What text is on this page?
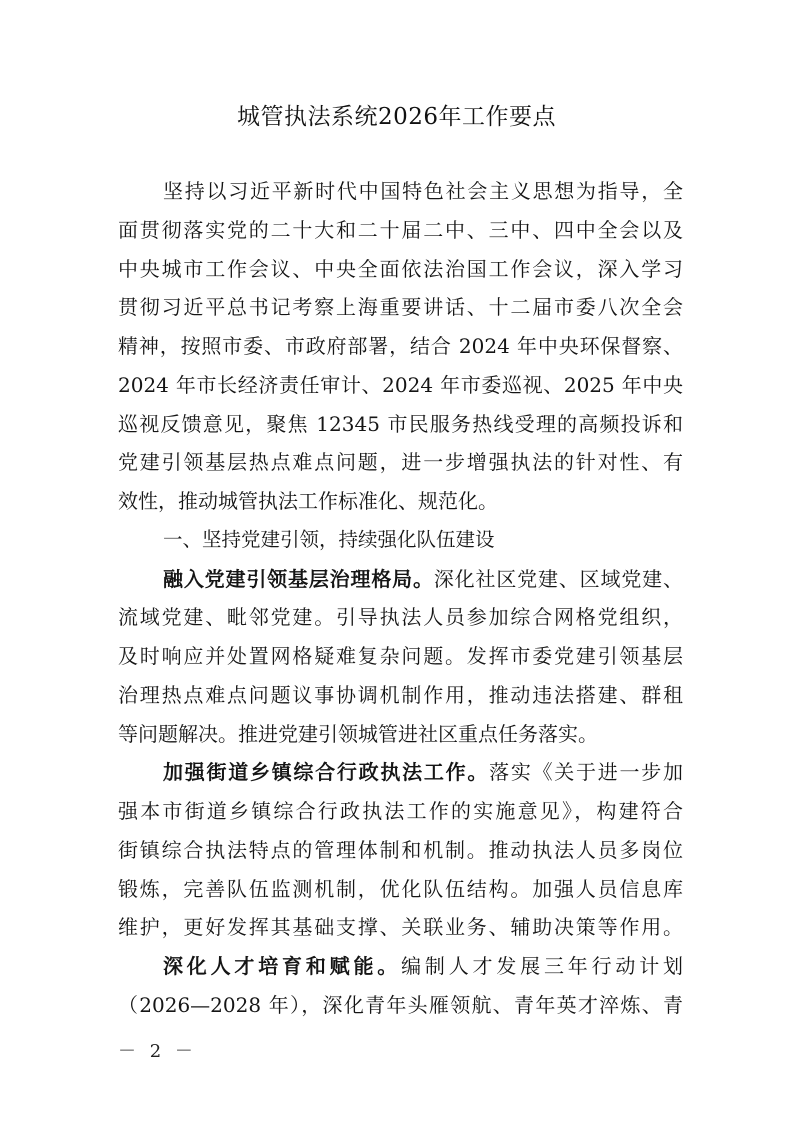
城管执法系统2026年工作要点
坚持以习近平新时代中国特色社会主义思想为指导，全
面贯彻落实党的二十大和二十届二中、三中、四中全会以及
中央城市工作会议、中央全面依法治国工作会议，深入学习
贯彻习近平总书记考察上海重要讲话、十二届市委八次全会
精神，按照市委、市政府部署，结合 2024 年中央环保督察、
2024 年市长经济责任审计、2024 年市委巡视、2025 年中央
巡视反馈意见，聚焦 12345 市民服务热线受理的高频投诉和
党建引领基层热点难点问题，进一步增强执法的针对性、有
效性，推动城管执法工作标准化、规范化。
一、坚持党建引领，持续强化队伍建设
融入党建引领基层治理格局。深化社区党建、区域党建、
流域党建、毗邻党建。引导执法人员参加综合网格党组织，
及时响应并处置网格疑难复杂问题。发挥市委党建引领基层
治理热点难点问题议事协调机制作用，推动违法搭建、群租
等问题解决。推进党建引领城管进社区重点任务落实。
加强街道乡镇综合行政执法工作。落实《关于进一步加
强本市街道乡镇综合行政执法工作的实施意见》，构建符合
街镇综合执法特点的管理体制和机制。推动执法人员多岗位
锻炼，完善队伍监测机制，优化队伍结构。加强人员信息库
维护，更好发挥其基础支撑、关联业务、辅助决策等作用。
深化人才培育和赋能。编制人才发展三年行动计划
（2026—2028 年），深化青年头雁领航、青年英才淬炼、青
－ 2 －
